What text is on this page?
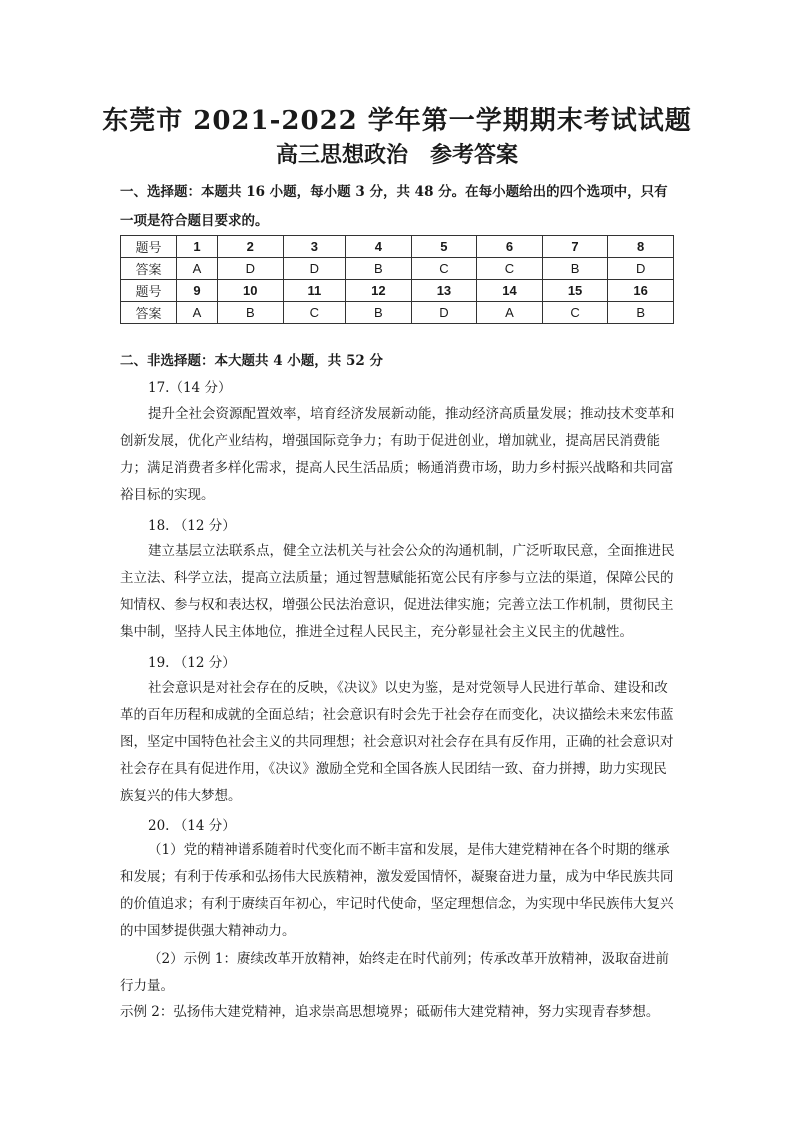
东莞市 2021-2022 学年第一学期期末考试试题
高三思想政治　参考答案
一、选择题：本题共 16 小题，每小题 3 分，共 48 分。在每小题给出的四个选项中，只有一项是符合题目要求的。
题号	1	2	3	4	5	6	7	8
答案	A	D	D	B	C	C	B	D
题号	9	10	11	12	13	14	15	16
答案	A	B	C	B	D	A	C	B
二、非选择题：本大题共 4 小题，共 52 分
17.（14 分）

提升全社会资源配置效率，培育经济发展新动能，推动经济高质量发展；推动技术变革和创新发展，优化产业结构，增强国际竞争力；有助于促进创业，增加就业，提高居民消费能力；满足消费者多样化需求，提高人民生活品质；畅通消费市场，助力乡村振兴战略和共同富裕目标的实现。

18. （12 分）

建立基层立法联系点，健全立法机关与社会公众的沟通机制，广泛听取民意，全面推进民主立法、科学立法，提高立法质量；通过智慧赋能拓宽公民有序参与立法的渠道，保障公民的知情权、参与权和表达权，增强公民法治意识，促进法律实施；完善立法工作机制，贯彻民主集中制，坚持人民主体地位，推进全过程人民民主，充分彰显社会主义民主的优越性。

19. （12 分）

社会意识是对社会存在的反映，《决议》以史为鉴，是对党领导人民进行革命、建设和改革的百年历程和成就的全面总结；社会意识有时会先于社会存在而变化，决议描绘未来宏伟蓝图，坚定中国特色社会主义的共同理想；社会意识对社会存在具有反作用，正确的社会意识对社会存在具有促进作用，《决议》激励全党和全国各族人民团结一致、奋力拼搏，助力实现民族复兴的伟大梦想。

20. （14 分）

（1）党的精神谱系随着时代变化而不断丰富和发展，是伟大建党精神在各个时期的继承和发展；有利于传承和弘扬伟大民族精神，激发爱国情怀，凝聚奋进力量，成为中华民族共同的价值追求；有利于赓续百年初心，牢记时代使命，坚定理想信念，为实现中华民族伟大复兴的中国梦提供强大精神动力。

（2）示例 1：赓续改革开放精神，始终走在时代前列；传承改革开放精神，汲取奋进前行力量。

示例 2：弘扬伟大建党精神，追求崇高思想境界；砥砺伟大建党精神，努力实现青春梦想。
